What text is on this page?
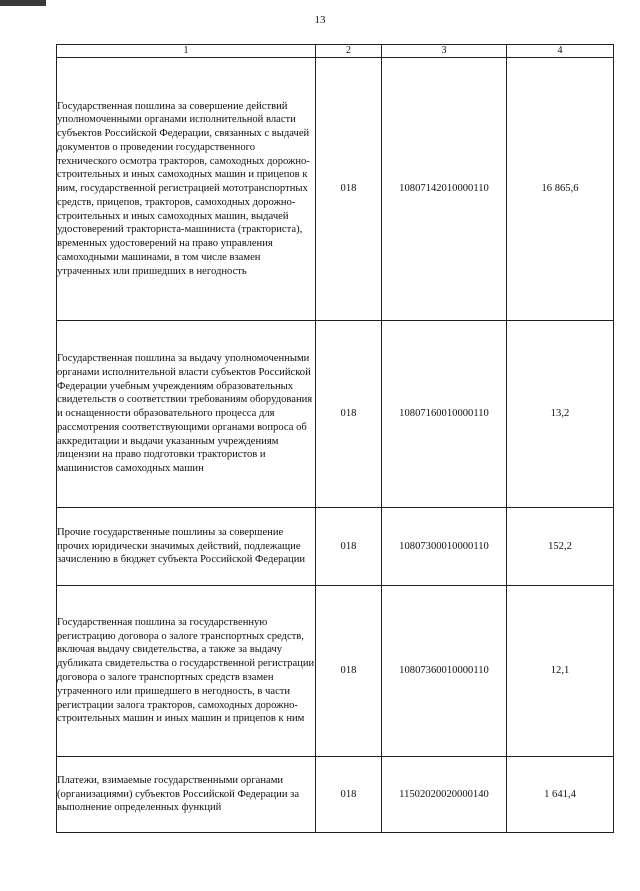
13
1	2	3	4
Государственная пошлина за совершение действий уполномоченными органами исполнительной власти субъектов Российской Федерации, связанных с выдачей документов о проведении государственного технического осмотра тракторов, самоходных дорожно-строительных и иных самоходных машин и прицепов к ним, государственной регистрацией мототранспортных средств, прицепов, тракторов, самоходных дорожно-строительных и иных самоходных машин, выдачей удостоверений тракториста-машиниста (тракториста), временных удостоверений на право управления самоходными машинами, в том числе взамен утраченных или пришедших в негодность	018	10807142010000110	16 865,6
Государственная пошлина за выдачу уполномоченными органами исполнительной власти субъектов Российской Федерации учебным учреждениям образовательных свидетельств о соответствии требованиям оборудования и оснащенности образовательного процесса для рассмотрения соответствующими органами вопроса об аккредитации и выдачи указанным учреждениям лицензии на право подготовки трактористов и машинистов самоходных машин	018	10807160010000110	13,2
Прочие государственные пошлины за совершение прочих юридически значимых действий, подлежащие зачислению в бюджет субъекта Российской Федерации	018	10807300010000110	152,2
Государственная пошлина за государственную регистрацию договора о залоге транспортных средств, включая выдачу свидетельства, а также за выдачу дубликата свидетельства о государственной регистрации договора о залоге транспортных средств взамен утраченного или пришедшего в негодность, в части регистрации залога тракторов, самоходных дорожно-строительных машин и иных машин и прицепов к ним	018	10807360010000110	12,1
Платежи, взимаемые государственными органами (организациями) субъектов Российской Федерации за выполнение определенных функций	018	11502020020000140	1 641,4
